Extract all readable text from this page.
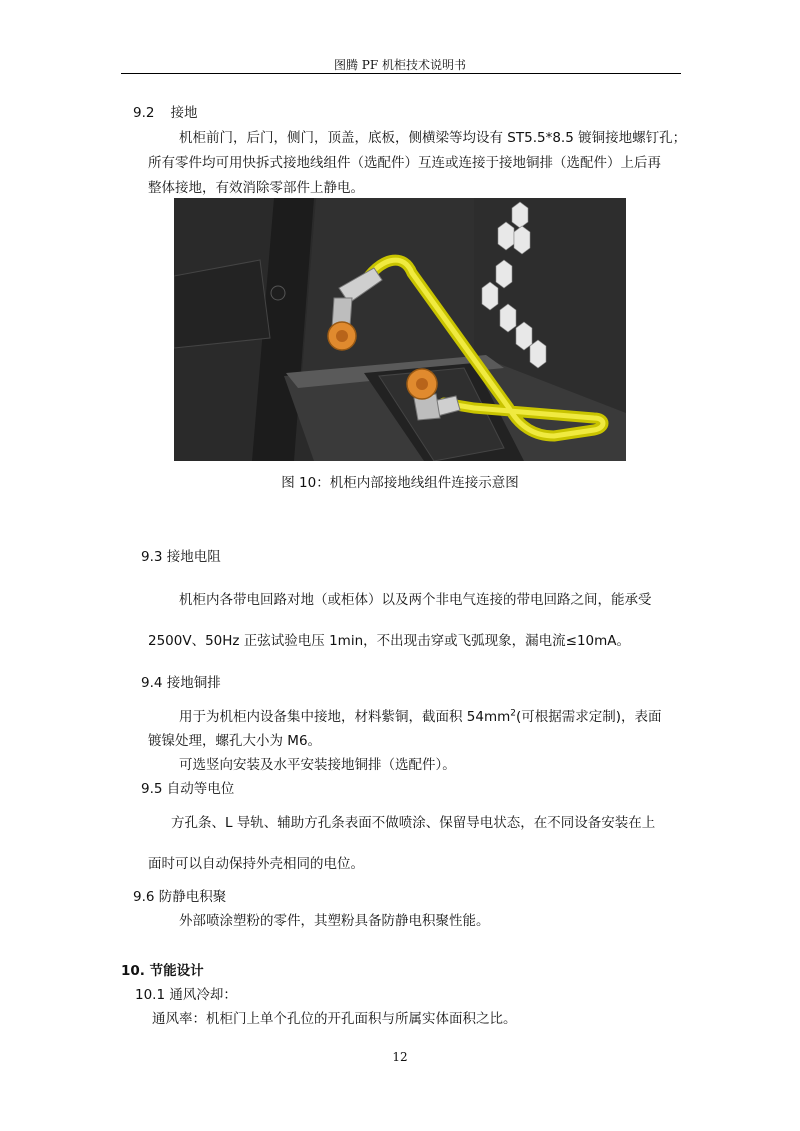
图腾 PF 机柜技术说明书
9.2 接地
机柜前门，后门，侧门，顶盖，底板，侧横梁等均设有 ST5.5*8.5 镀铜接地螺钉孔；
所有零件均可用快拆式接地线组件（选配件）互连或连接于接地铜排（选配件）上后再
整体接地，有效消除零部件上静电。
图 10：机柜内部接地线组件连接示意图
9.3 接地电阻
机柜内各带电回路对地（或柜体）以及两个非电气连接的带电回路之间，能承受
2500V、50Hz 正弦试验电压 1min，不出现击穿或飞弧现象，漏电流≤10mA。
9.4 接地铜排
用于为机柜内设备集中接地，材料紫铜，截面积 $54mm^2$(可根据需求定制)，表面
镀镍处理，螺孔大小为 M6。
可选竖向安装及水平安装接地铜排（选配件）。
9.5 自动等电位
方孔条、L 导轨、辅助方孔条表面不做喷涂、保留导电状态，在不同设备安装在上
面时可以自动保持外壳相同的电位。
9.6 防静电积聚
外部喷涂塑粉的零件，其塑粉具备防静电积聚性能。
10. 节能设计
10.1 通风冷却：
通风率：机柜门上单个孔位的开孔面积与所属实体面积之比。
12
